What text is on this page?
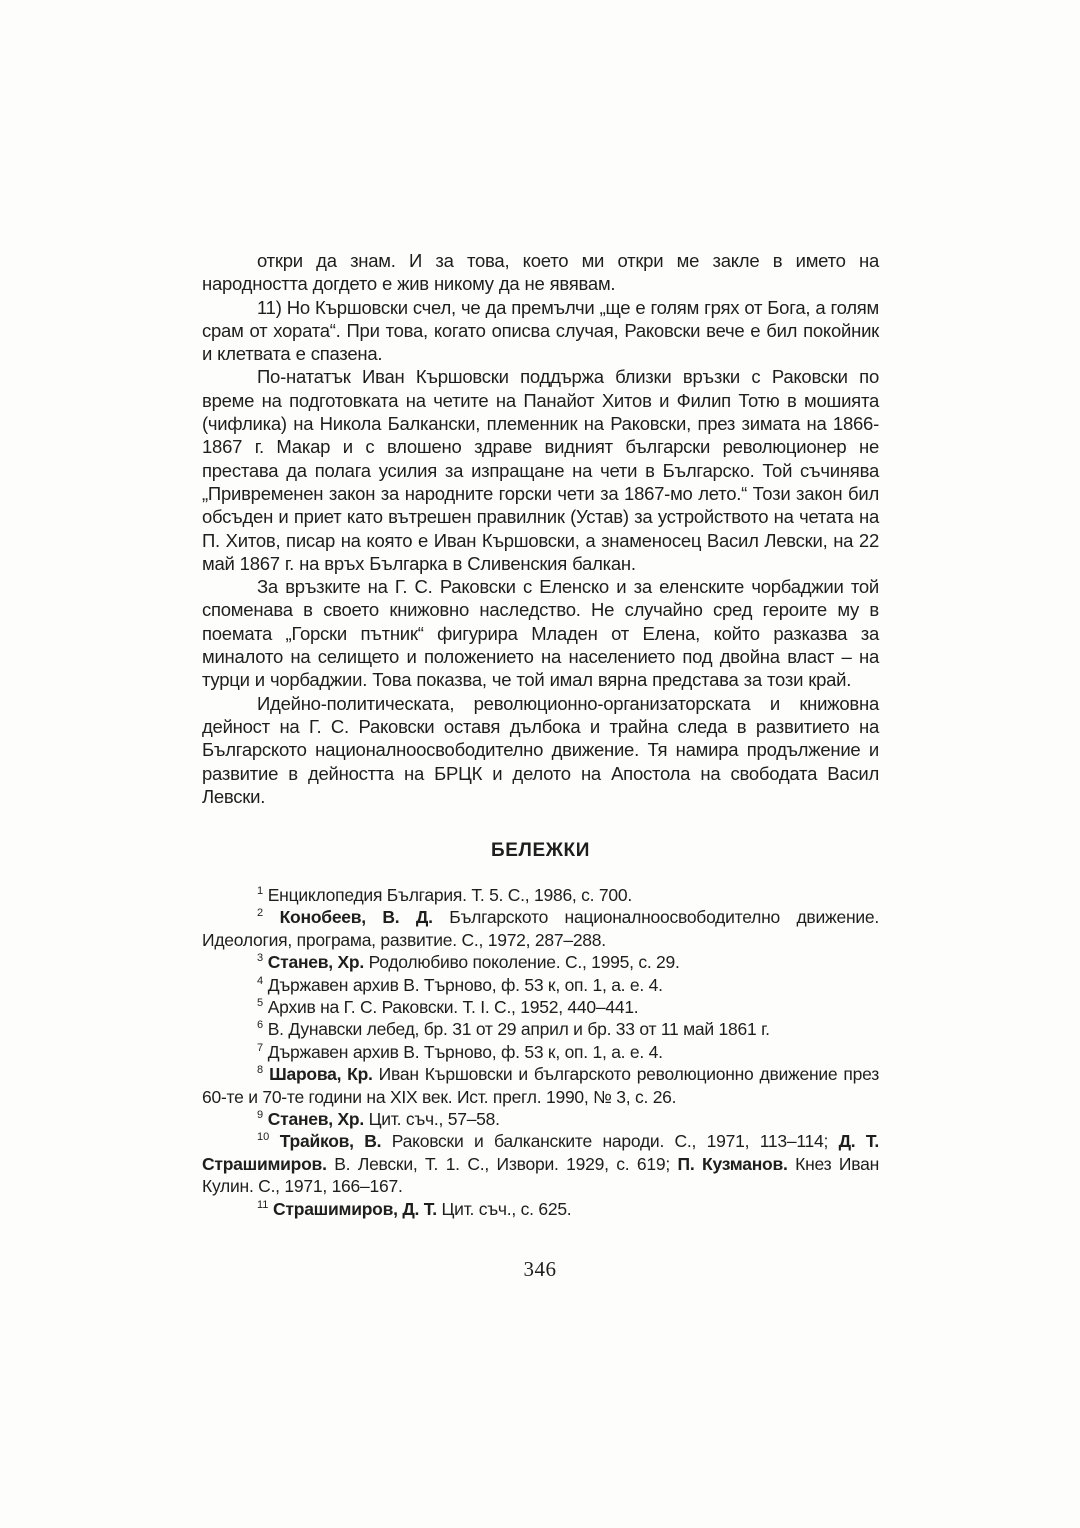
откри да знам. И за това, което ми откри ме закле в името на народността догдето е жив никому да не явявам.

11) Но Кършовски счел, че да премълчи „ще е голям грях от Бога, а голям срам от хората“. При това, когато описва случая, Раковски вече е бил покойник и клетвата е спазена.

По-нататък Иван Кършовски поддържа близки връзки с Раковски по време на подготовката на четите на Панайот Хитов и Филип Тотю в мошията (чифлика) на Никола Балкански, племенник на Раковски, през зимата на 1866-1867 г. Макар и с влошено здраве видният български революционер не престава да полага усилия за изпращане на чети в Българско. Той съчинява „Привременен закон за народните горски чети за 1867-мо лето.“ Този закон бил обсъден и приет като вътрешен правилник (Устав) за устройството на четата на П. Хитов, писар на която е Иван Кършовски, а знаменосец Васил Левски, на 22 май 1867 г. на връх Българка в Сливенския балкан.

За връзките на Г. С. Раковски с Еленско и за еленските чорбаджии той споменава в своето книжовно наследство. Не случайно сред героите му в поемата „Горски пътник“ фигурира Младен от Елена, който разказва за миналото на селището и положението на населението под двойна власт – на турци и чорбаджии. Това показва, че той имал вярна представа за този край.

Идейно-политическата, революционно-организаторската и книжовна дейност на Г. С. Раковски оставя дълбока и трайна следа в развитието на Българското националноосвободително движение. Тя намира продължение и развитие в дейността на БРЦК и делото на Апостола на свободата Васил Левски.

БЕЛЕЖКИ

$^1$ Енциклопедия България. Т. 5. С., 1986, с. 700.

$^2$ Конобеев, В. Д. Българското националноосвободително движение. Идеология, програма, развитие. С., 1972, 287–288.

$^3$ Станев, Хр. Родолюбиво поколение. С., 1995, с. 29.

$^4$ Държавен архив В. Търново, ф. 53 к, оп. 1, а. е. 4.

$^5$ Архив на Г. С. Раковски. Т. I. С., 1952, 440–441.

$^6$ В. Дунавски лебед, бр. 31 от 29 април и бр. 33 от 11 май 1861 г.

$^7$ Държавен архив В. Търново, ф. 53 к, оп. 1, а. е. 4.

$^8$ Шарова, Кр. Иван Кършовски и българското революционно движение през 60-те и 70-те години на XIX век. Ист. прегл. 1990, № 3, с. 26.

$^9$ Станев, Хр. Цит. съч., 57–58.

$^{10}$ Трайков, В. Раковски и балканските народи. С., 1971, 113–114; Д. Т. Страшимиров. В. Левски, Т. 1. С., Извори. 1929, с. 619; П. Кузманов. Кнез Иван Кулин. С., 1971, 166–167.

$^{11}$ Страшимиров, Д. Т. Цит. съч., с. 625.

346
